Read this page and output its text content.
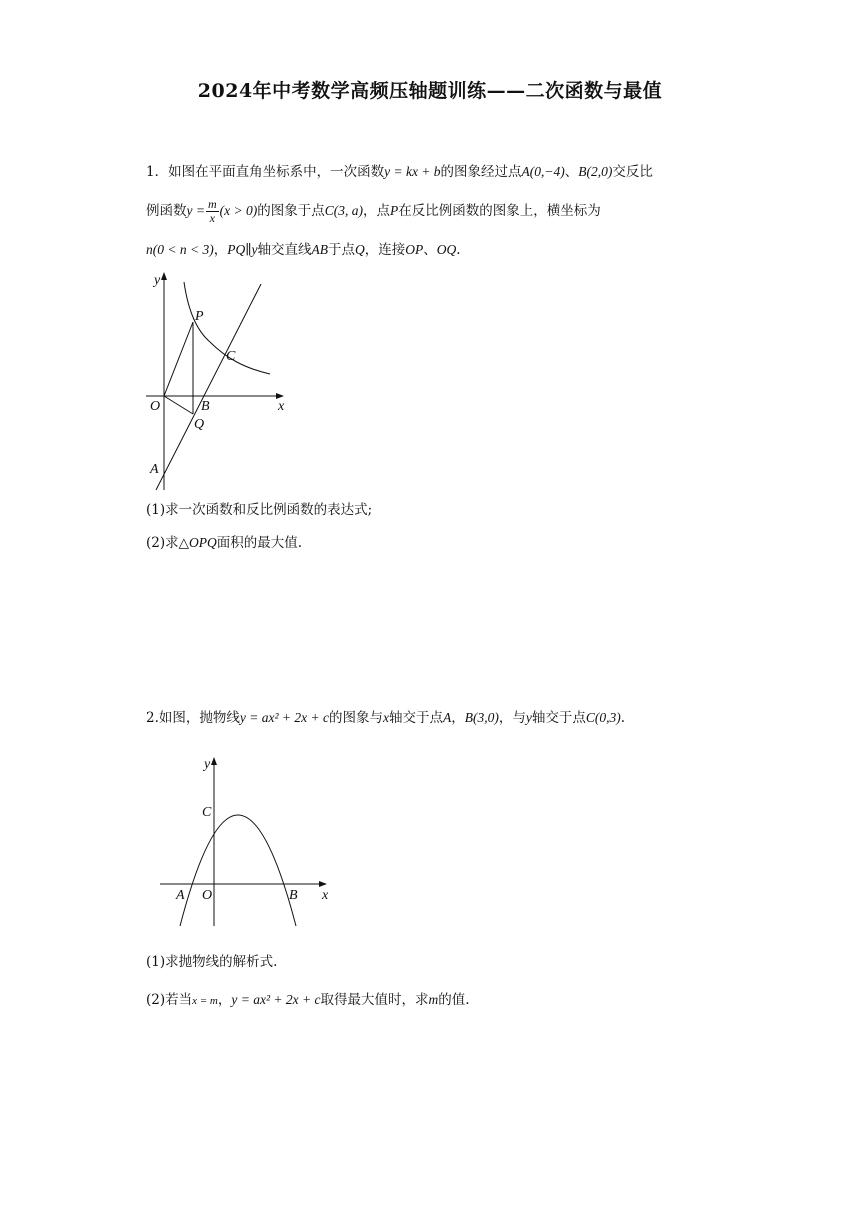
2024年中考数学高频压轴题训练——二次函数与最值
1．如图在平面直角坐标系中，一次函数y = kx + b的图象经过点A(0,−4)、B(2,0)交反比
例函数$y = \frac{m}{x} (x > 0)$的图象于点C(3, a)，点P在反比例函数的图象上，横坐标为
n(0 < n < 3)，PQ∥y轴交直线AB于点Q，连接OP、OQ.
y
x
O
P
C
B
Q
A
(1)求一次函数和反比例函数的表达式;
(2)求△OPQ面积的最大值.
2.如图，抛物线y = ax² + 2x + c的图象与x轴交于点A，B(3,0)，与y轴交于点C(0,3).
y
x
C
A O	B
(1)求抛物线的解析式.
(2)若当x = m，y = ax² + 2x + c取得最大值时，求m的值.
